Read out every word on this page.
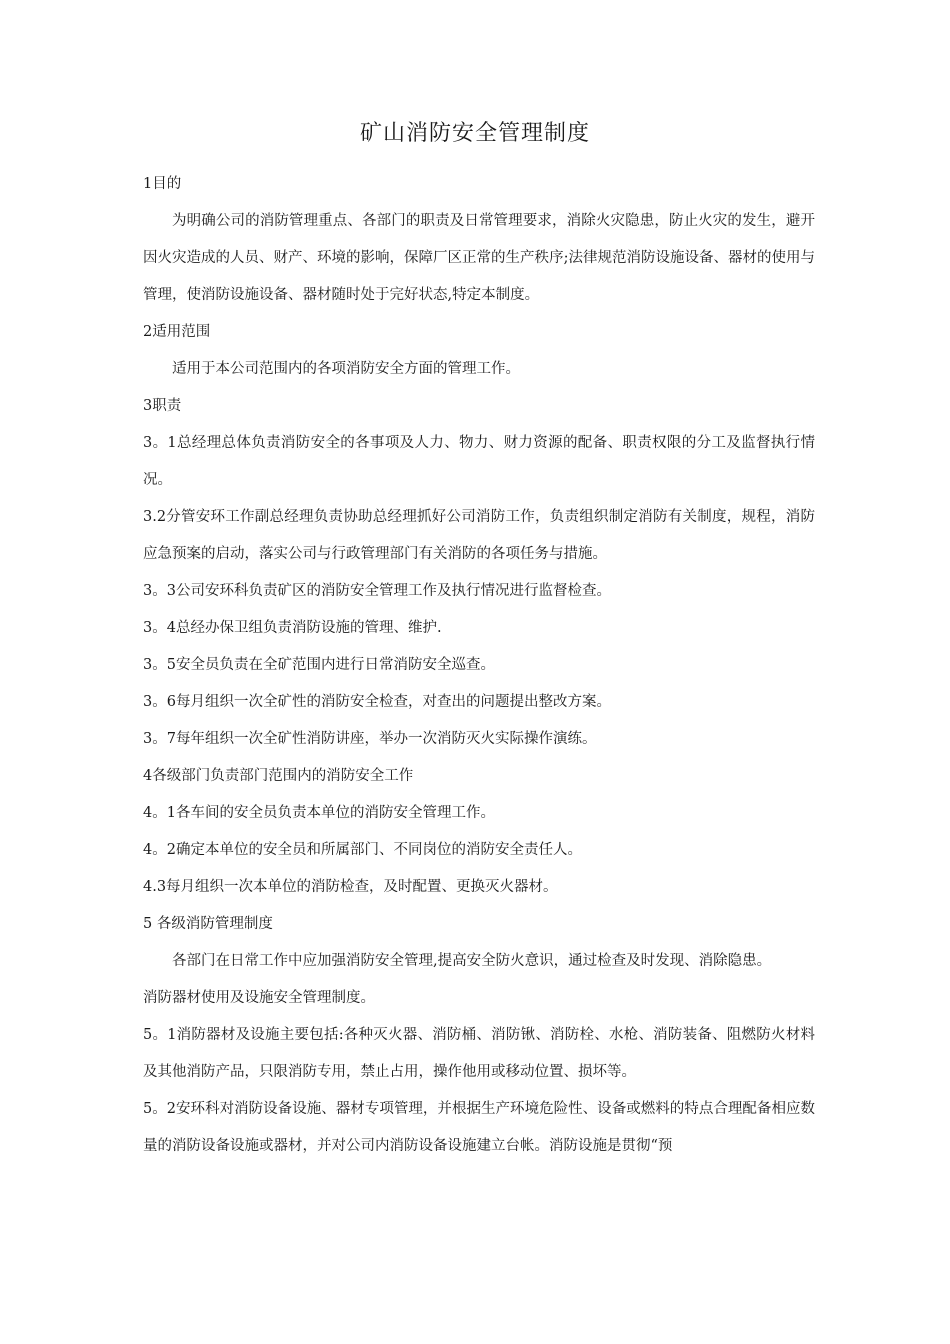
矿山消防安全管理制度

1目的

为明确公司的消防管理重点、各部门的职责及日常管理要求，消除火灾隐患，防止火灾的发生，避开因火灾造成的人员、财产、环境的影响，保障厂区正常的生产秩序;法律规范消防设施设备、器材的使用与管理，使消防设施设备、器材随时处于完好状态,特定本制度。

2适用范围

适用于本公司范围内的各项消防安全方面的管理工作。

3职责

3。1总经理总体负责消防安全的各事项及人力、物力、财力资源的配备、职责权限的分工及监督执行情况。

3.2分管安环工作副总经理负责协助总经理抓好公司消防工作，负责组织制定消防有关制度，规程，消防应急预案的启动，落实公司与行政管理部门有关消防的各项任务与措施。

3。3公司安环科负责矿区的消防安全管理工作及执行情况进行监督检查。

3。4总经办保卫组负责消防设施的管理、维护.

3。5安全员负责在全矿范围内进行日常消防安全巡查。

3。6每月组织一次全矿性的消防安全检查，对查出的问题提出整改方案。

3。7每年组织一次全矿性消防讲座，举办一次消防灭火实际操作演练。

4各级部门负责部门范围内的消防安全工作

4。1各车间的安全员负责本单位的消防安全管理工作。

4。2确定本单位的安全员和所属部门、不同岗位的消防安全责任人。

4.3每月组织一次本单位的消防检查，及时配置、更换灭火器材。

5 各级消防管理制度

各部门在日常工作中应加强消防安全管理,提高安全防火意识，通过检查及时发现、消除隐患。

消防器材使用及设施安全管理制度。

5。1消防器材及设施主要包括:各种灭火器、消防桶、消防锹、消防栓、水枪、消防装备、阻燃防火材料及其他消防产品，只限消防专用，禁止占用，操作他用或移动位置、损坏等。

5。2安环科对消防设备设施、器材专项管理，并根据生产环境危险性、设备或燃料的特点合理配备相应数量的消防设备设施或器材，并对公司内消防设备设施建立台帐。消防设施是贯彻“预
